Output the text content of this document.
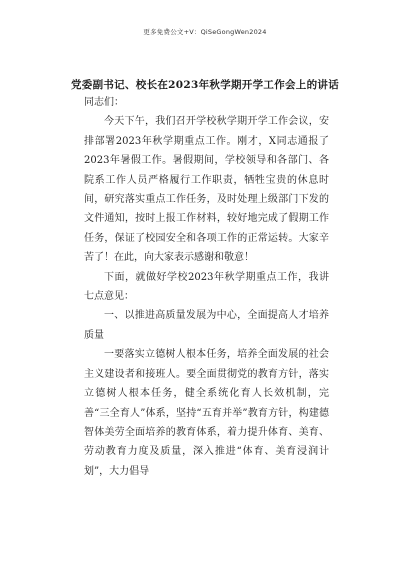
更多免费公文+V：QiSeGongWen2024
党委副书记、校长在2023年秋学期开学工作会上的讲话

同志们：

今天下午，我们召开学校秋学期开学工作会议，安排部署2023年秋学期重点工作。刚才，X同志通报了2023年暑假工作。暑假期间，学校领导和各部门、各院系工作人员严格履行工作职责，牺牲宝贵的休息时间，研究落实重点工作任务，及时处理上级部门下发的文件通知，按时上报工作材料，较好地完成了假期工作任务，保证了校园安全和各项工作的正常运转。大家辛苦了！在此，向大家表示感谢和敬意！

下面，就做好学校2023年秋学期重点工作，我讲七点意见：

一、以推进高质量发展为中心，全面提高人才培养质量

一要落实立德树人根本任务，培养全面发展的社会主义建设者和接班人。要全面贯彻党的教育方针，落实立德树人根本任务，健全系统化育人长效机制，完善“三全育人”体系，坚持“五育并举”教育方针，构建德智体美劳全面培养的教育体系，着力提升体育、美育、劳动教育力度及质量，深入推进“体育、美育浸润计划”，大力倡导
